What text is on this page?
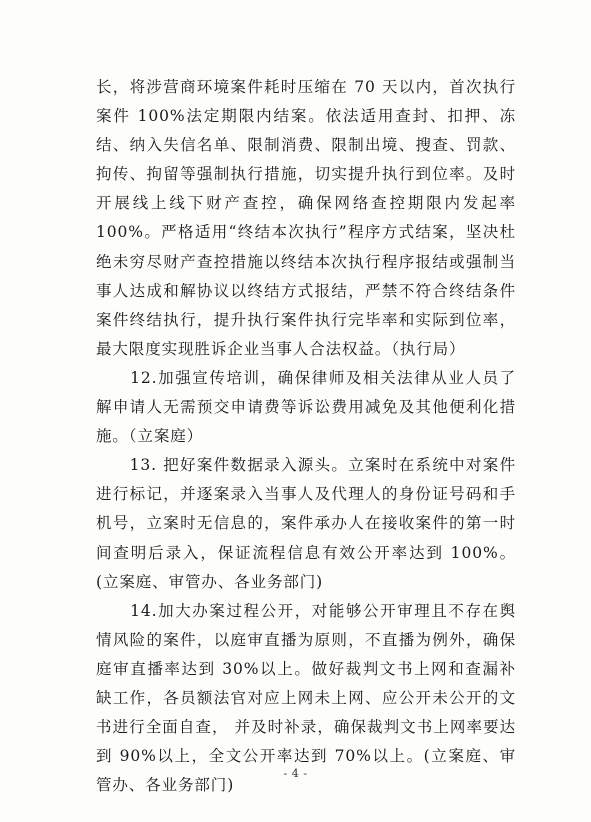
长，将涉营商环境案件耗时压缩在 70 天以内，首次执行案件 100%法定期限内结案。依法适用查封、扣押、冻结、纳入失信名单、限制消费、限制出境、搜查、罚款、拘传、拘留等强制执行措施，切实提升执行到位率。及时开展线上线下财产查控，确保网络查控期限内发起率 100%。严格适用“终结本次执行”程序方式结案，坚决杜绝未穷尽财产查控措施以终结本次执行程序报结或强制当事人达成和解协议以终结方式报结，严禁不符合终结条件案件终结执行，提升执行案件执行完毕率和实际到位率，最大限度实现胜诉企业当事人合法权益。（执行局）

　　12.加强宣传培训，确保律师及相关法律从业人员了解申请人无需预交申请费等诉讼费用减免及其他便利化措施。（立案庭）

　　13. 把好案件数据录入源头。立案时在系统中对案件进行标记，并逐案录入当事人及代理人的身份证号码和手机号，立案时无信息的，案件承办人在接收案件的第一时间查明后录入，保证流程信息有效公开率达到 100%。(立案庭、审管办、各业务部门)

　　14.加大办案过程公开，对能够公开审理且不存在舆情风险的案件，以庭审直播为原则，不直播为例外，确保庭审直播率达到 30%以上。做好裁判文书上网和查漏补缺工作，各员额法官对应上网未上网、应公开未公开的文书进行全面自查， 并及时补录，确保裁判文书上网率要达到 90%以上，全文公开率达到 70%以上。(立案庭、审管办、各业务部门)

- 4 -
